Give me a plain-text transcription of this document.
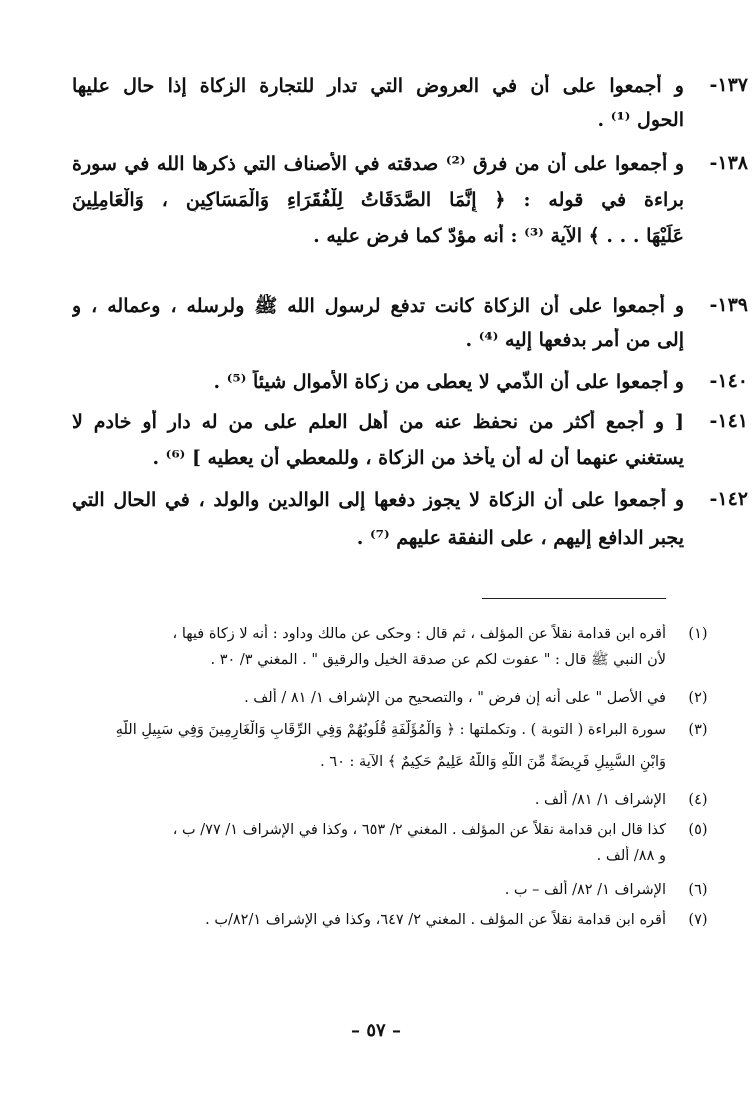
١٣٧-
و أجمعوا على أن في العروض التي تدار للتجارة الزكاة إذا حال عليها
الحول ⁽¹⁾ .
١٣٨-
و أجمعوا على أن من فرق ⁽²⁾ صدقته في الأصناف التي ذكرها الله في سورة
براءة في قوله : ﴿ إِنَّمَا الصَّدَقَاتُ لِلْفُقَرَاءِ وَالْمَسَاكِينِ ، وَالْعَامِلِينَ
عَلَيْهَا . . . ﴾ الآية ⁽³⁾ : أنه مؤدّ كما فرض عليه .
١٣٩-
و أجمعوا على أن الزكاة كانت تدفع لرسول الله ﷺ ولرسله ، وعماله ، و
إلى من أمر بدفعها إليه ⁽⁴⁾ .
١٤٠-
و أجمعوا على أن الذّمي لا يعطى من زكاة الأموال شيئاً ⁽⁵⁾ .
١٤١-
[ و أجمع أكثر من نحفظ عنه من أهل العلم على من له دار أو خادم لا
يستغني عنهما أن له أن يأخذ من الزكاة ، وللمعطي أن يعطيه ] ⁽⁶⁾ .
١٤٢-
و أجمعوا على أن الزكاة لا يجوز دفعها إلى الوالدين والولد ، في الحال التي
يجبر الدافع إليهم ، على النفقة عليهم ⁽⁷⁾ .
(١)
أقره ابن قدامة نقلاً عن المؤلف ، ثم قال : وحكى عن مالك وداود : أنه لا زكاة فيها ،
لأن النبي ﷺ قال : " عفوت لكم عن صدقة الخيل والرقيق " . المغني ٣/ ٣٠ .
(٢)
في الأصل " على أنه إن فرض " ، والتصحيح من الإشراف ١/ ٨١ / ألف .
(٣)
سورة البراءة ( التوبة ) . وتكملتها : ﴿ وَالْمُؤَلَّفَةِ قُلُوبُهُمْ وَفِي الرِّقَابِ وَالْغَارِمِينَ وَفِي سَبِيلِ اللَّهِ
وَابْنِ السَّبِيلِ فَرِيضَةً مِّنَ اللَّهِ وَاللَّهُ عَلِيمٌ حَكِيمٌ ﴾ الآية : ٦٠ .
(٤)
الإشراف ١/ ٨١/ ألف .
(٥)
كذا قال ابن قدامة نقلاً عن المؤلف . المغني ٢/ ٦٥٣ ، وكذا في الإشراف ١/ ٧٧/ ب ،
و ٨٨/ ألف .
(٦)
الإشراف ١/ ٨٢/ ألف – ب .
(٧)
أقره ابن قدامة نقلاً عن المؤلف . المغني ٢/ ٦٤٧، وكذا في الإشراف ٨٢/١/ب .
– ٥٧ –
